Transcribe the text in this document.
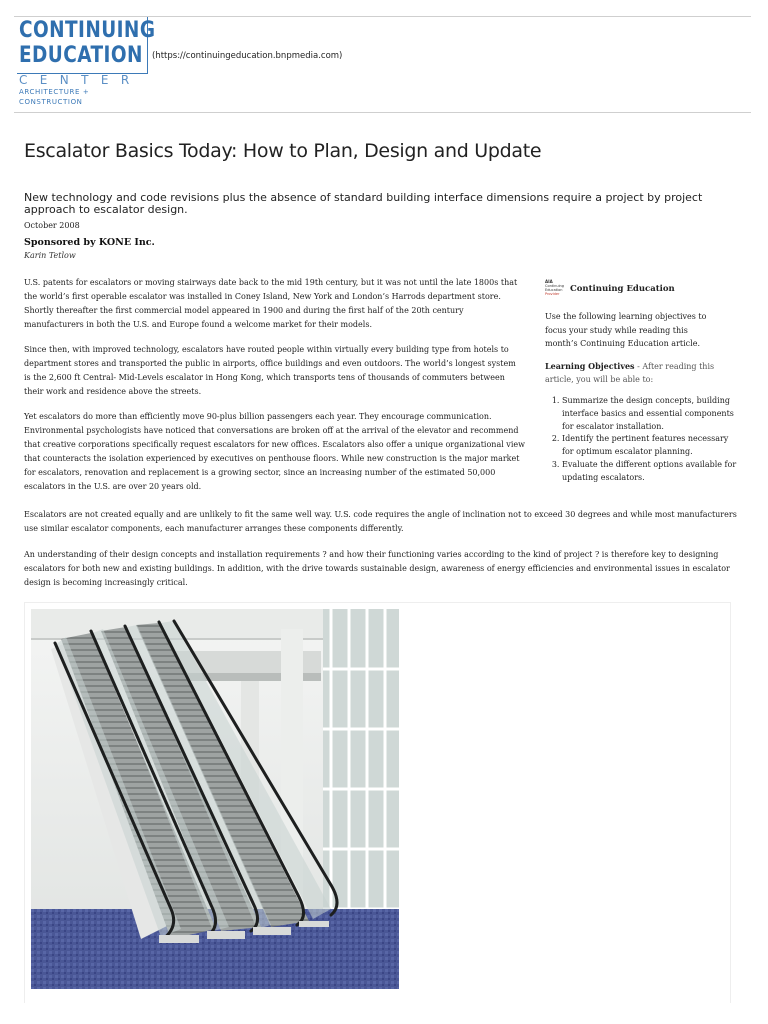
CONTINUING
EDUCATION
CENTER
ARCHITECTURE + CONSTRUCTION
(https://continuingeducation.bnpmedia.com)
Escalator Basics Today: How to Plan, Design and Update

New technology and code revisions plus the absence of standard building interface dimensions require a project by project approach to escalator design.

October 2008
Sponsored by KONE Inc.
Karin Tetlow

U.S. patents for escalators or moving stairways date back to the mid 19th century, but it was not until the late 1800s that the world’s first operable escalator was installed in Coney Island, New York and London’s Harrods department store. Shortly thereafter the first commercial model appeared in 1900 and during the first half of the 20th century manufacturers in both the U.S. and Europe found a welcome market for their models.

Since then, with improved technology, escalators have routed people within virtually every building type from hotels to department stores and transported the public in airports, office buildings and even outdoors. The world’s longest system is the 2,600 ft Central- Mid-Levels escalator in Hong Kong, which transports tens of thousands of commuters between their work and residence above the streets.

Yet escalators do more than efficiently move 90-plus billion passengers each year. They encourage communication. Environmental psychologists have noticed that conversations are broken off at the arrival of the elevator and recommend that creative corporations specifically request escalators for new offices. Escalators also offer a unique organizational view that counteracts the isolation experienced by executives on penthouse floors. While new construction is the major market for escalators, renovation and replacement is a growing sector, since an increasing number of the estimated 50,000 escalators in the U.S. are over 20 years old.

Escalators are not created equally and are unlikely to fit the same well way. U.S. code requires the angle of inclination not to exceed 30 degrees and while most manufacturers use similar escalator components, each manufacturer arranges these components differently.

An understanding of their design concepts and installation requirements ? and how their functioning varies according to the kind of project ? is therefore key to designing escalators for both new and existing buildings. In addition, with the drive towards sustainable design, awareness of energy efficiencies and environmental issues in escalator design is becoming increasingly critical.

AIA
Continuing
Education
Provider	Continuing Education

Use the following learning objectives to focus your study while reading this month’s Continuing Education article.

Learning Objectives - After reading this article, you will be able to:

1. Summarize the design concepts, building interface basics and essential components for escalator installation.
2. Identify the pertinent features necessary for optimum escalator planning.
3. Evaluate the different options available for updating escalators.
